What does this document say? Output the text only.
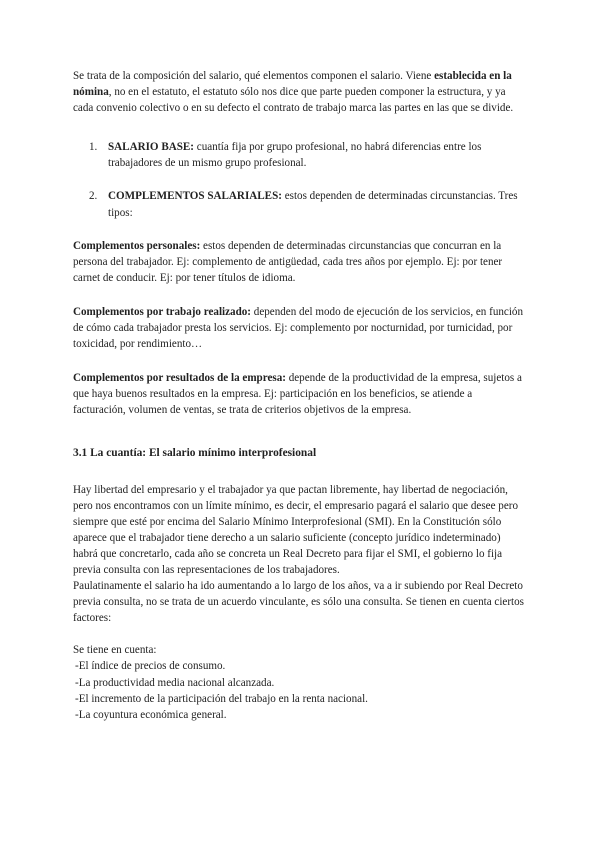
Se trata de la composición del salario, qué elementos componen el salario. Viene establecida en la nómina, no en el estatuto, el estatuto sólo nos dice que parte pueden componer la estructura, y ya cada convenio colectivo o en su defecto el contrato de trabajo marca las partes en las que se divide.

1. SALARIO BASE: cuantía fija por grupo profesional, no habrá diferencias entre los trabajadores de un mismo grupo profesional.
2. COMPLEMENTOS SALARIALES: estos dependen de determinadas circunstancias. Tres tipos:

Complementos personales: estos dependen de determinadas circunstancias que concurran en la persona del trabajador. Ej: complemento de antigüedad, cada tres años por ejemplo. Ej: por tener carnet de conducir. Ej: por tener títulos de idioma.

Complementos por trabajo realizado: dependen del modo de ejecución de los servicios, en función de cómo cada trabajador presta los servicios. Ej: complemento por nocturnidad, por turnicidad, por toxicidad, por rendimiento…

Complementos por resultados de la empresa: depende de la productividad de la empresa, sujetos a que haya buenos resultados en la empresa. Ej: participación en los beneficios, se atiende a facturación, volumen de ventas, se trata de criterios objetivos de la empresa.

3.1 La cuantía: El salario mínimo interprofesional

Hay libertad del empresario y el trabajador ya que pactan libremente, hay libertad de negociación, pero nos encontramos con un límite mínimo, es decir, el empresario pagará el salario que desee pero siempre que esté por encima del Salario Mínimo Interprofesional (SMI). En la Constitución sólo aparece que el trabajador tiene derecho a un salario suficiente (concepto jurídico indeterminado) habrá que concretarlo, cada año se concreta un Real Decreto para fijar el SMI, el gobierno lo fija previa consulta con las representaciones de los trabajadores.

Paulatinamente el salario ha ido aumentando a lo largo de los años, va a ir subiendo por Real Decreto previa consulta, no se trata de un acuerdo vinculante, es sólo una consulta. Se tienen en cuenta ciertos factores:

Se tiene en cuenta:

-El índice de precios de consumo.

-La productividad media nacional alcanzada.

-El incremento de la participación del trabajo en la renta nacional.

-La coyuntura económica general.
